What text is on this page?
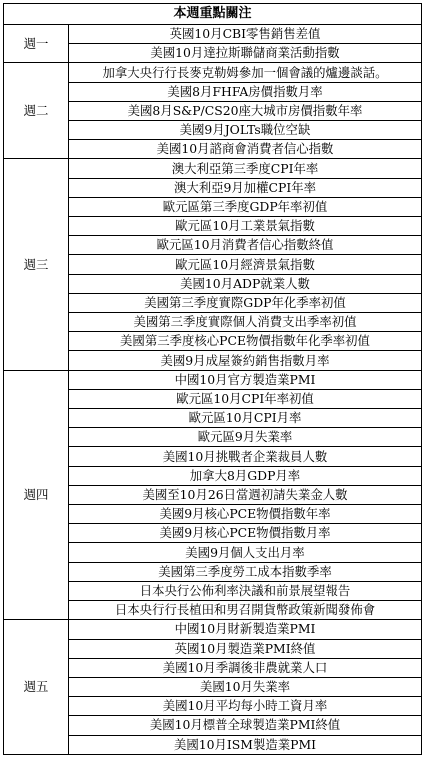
本週重點關注	
週一	英國10月CBI零售銷售差值
	美國10月達拉斯聯儲商業活動指數
週二	加拿大央行行長麥克勒姆參加一個會議的爐邊談話。
	美國8月FHFA房價指數月率
	美國8月S&P/CS20座大城市房價指數年率
	美國9月JOLTs職位空缺
	美國10月諮商會消費者信心指數
週三	澳大利亞第三季度CPI年率
	澳大利亞9月加權CPI年率
	歐元區第三季度GDP年率初值
	歐元區10月工業景氣指數
	歐元區10月消費者信心指數終值
	歐元區10月經濟景氣指數
	美國10月ADP就業人數
	美國第三季度實際GDP年化季率初值
	美國第三季度實際個人消費支出季率初值
	美國第三季度核心PCE物價指數年化季率初值
	美國9月成屋簽約銷售指數月率
週四	中國10月官方製造業PMI
	歐元區10月CPI年率初值
	歐元區10月CPI月率
	歐元區9月失業率
	美國10月挑戰者企業裁員人數
	加拿大8月GDP月率
	美國至10月26日當週初請失業金人數
	美國9月核心PCE物價指數年率
	美國9月核心PCE物價指數月率
	美國9月個人支出月率
	美國第三季度勞工成本指數季率
	日本央行公佈利率決議和前景展望報告
	日本央行行長植田和男召開貨幣政策新聞發佈會
週五	中國10月財新製造業PMI
	英國10月製造業PMI終值
	美國10月季調後非農就業人口
	美國10月失業率
	美國10月平均每小時工資月率
	美國10月標普全球製造業PMI終值
	美國10月ISM製造業PMI
